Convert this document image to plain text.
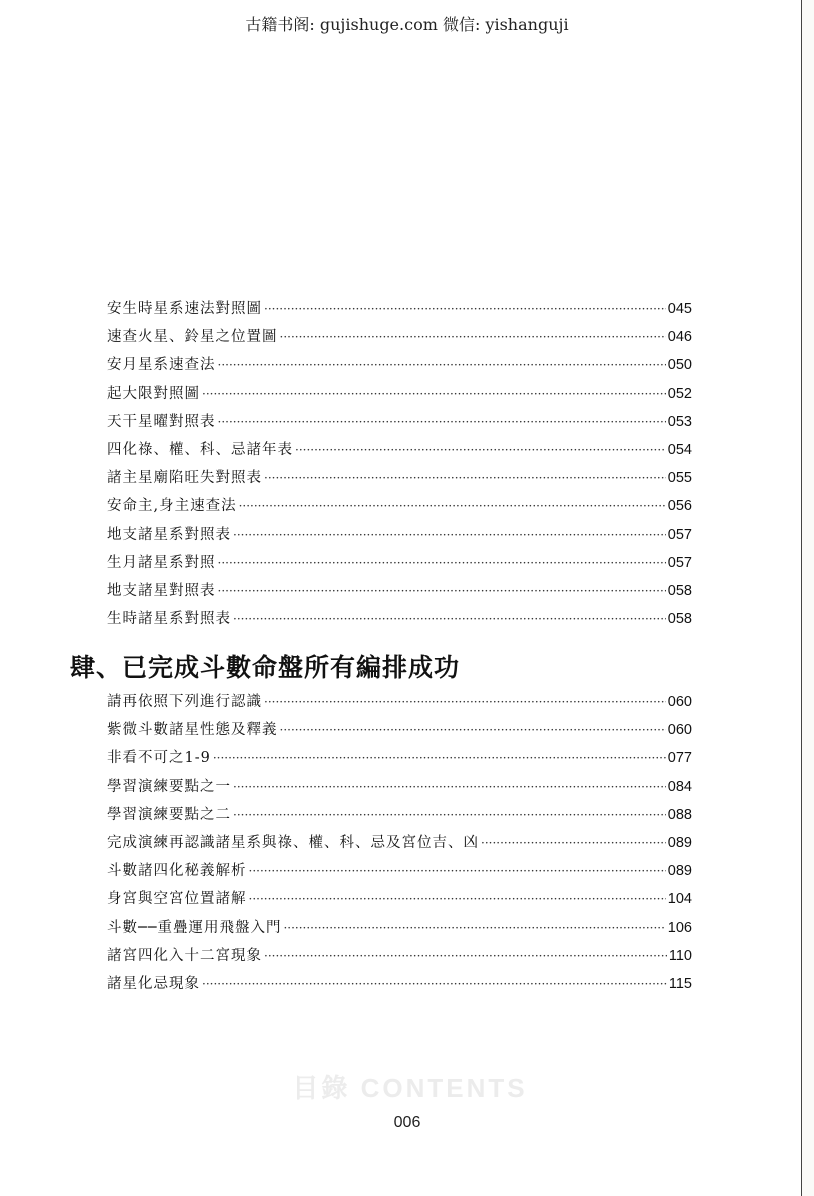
古籍书阁: gujishuge.com 微信: yishanguji
安生時星系速法對照圖 ·····	045
速查火星、鈴星之位置圖 ·····	046
安月星系速查法 ·····	050
起大限對照圖 ·····	052
天干星曜對照表 ·····	053
四化祿、權、科、忌諸年表 ·····	054
諸主星廟陷旺失對照表 ·····	055
安命主,身主速查法 ·····	056
地支諸星系對照表 ·····	057
生月諸星系對照 ·····	057
地支諸星對照表 ·····	058
生時諸星系對照表 ·····	058
肆、已完成斗數命盤所有編排成功
請再依照下列進行認識 ·····	060
紫微斗數諸星性態及釋義 ·····	060
非看不可之1-9 ·····	077
學習演練要點之一 ·····	084
學習演練要點之二 ·····	088
完成演練再認識諸星系與祿、權、科、忌及宮位吉、凶 ·····	089
斗數諸四化秘義解析 ·····	089
身宮與空宮位置諸解 ·····	104
斗數──重疊運用飛盤入門 ·····	106
諸宮四化入十二宮現象 ·····	110
諸星化忌現象 ·····	115
目錄 CONTENTS
006
